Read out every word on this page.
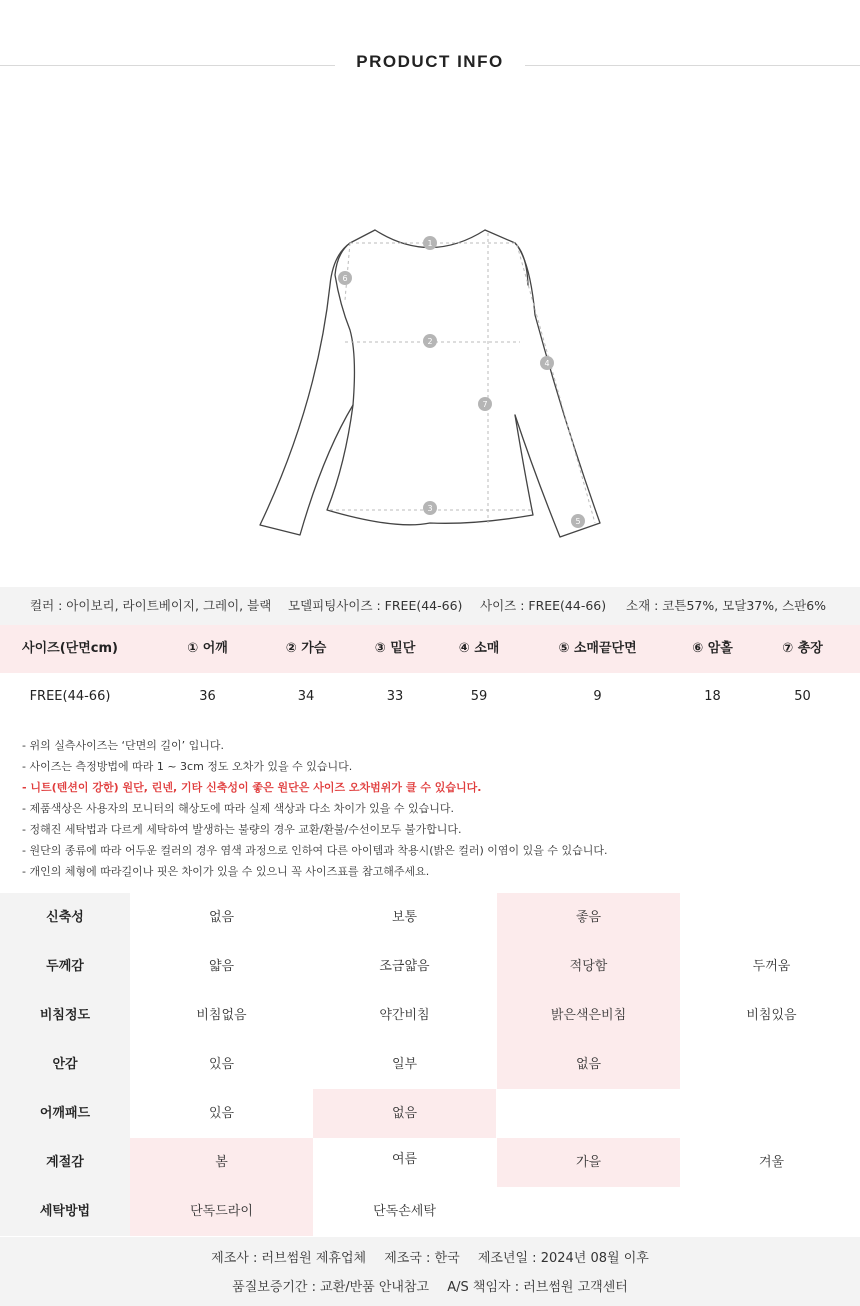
PRODUCT INFO
1
2
3
4
5
6
7
컬러 : 아이보리, 라이트베이지, 그레이, 블랙 모델피팅사이즈 : FREE(44-66) 사이즈 : FREE(44-66) 소재 : 코튼57%, 모달37%, 스판6%
사이즈(단면cm)	① 어깨	② 가슴	③ 밑단	④ 소매	⑤ 소매끝단면	⑥ 암홀	⑦ 총장
FREE(44-66)	36	34	33	59	9	18	50
- 위의 실측사이즈는 ‘단면의 길이’ 입니다.
- 사이즈는 측정방법에 따라 1 ~ 3cm 정도 오차가 있을 수 있습니다.
- 니트(텐션이 강한) 원단, 린넨, 기타 신축성이 좋은 원단은 사이즈 오차범위가 클 수 있습니다.
- 제품색상은 사용자의 모니터의 해상도에 따라 실제 색상과 다소 차이가 있을 수 있습니다.
- 정해진 세탁법과 다르게 세탁하여 발생하는 불량의 경우 교환/환불/수선이모두 불가합니다.
- 원단의 종류에 따라 어두운 컬러의 경우 염색 과정으로 인하여 다른 아이템과 착용시(밝은 컬러) 이염이 있을 수 있습니다.
- 개인의 체형에 따라길이나 핏은 차이가 있을 수 있으니 꼭 사이즈표를 참고해주세요.
신축성	없음	보통	좋음
두께감	얇음	조금얇음	적당함	두꺼움
비침정도	비침없음	약간비침	밝은색은비침	비침있음
안감	있음	일부	없음
어깨패드	있음	없음
계절감	봄	여름	가을	겨울
세탁방법	단독드라이	단독손세탁
제조사 : 러브썸원 제휴업체 제조국 : 한국 제조년일 : 2024년 08월 이후
품질보증기간 : 교환/반품 안내참고 A/S 책임자 : 러브썸원 고객센터
